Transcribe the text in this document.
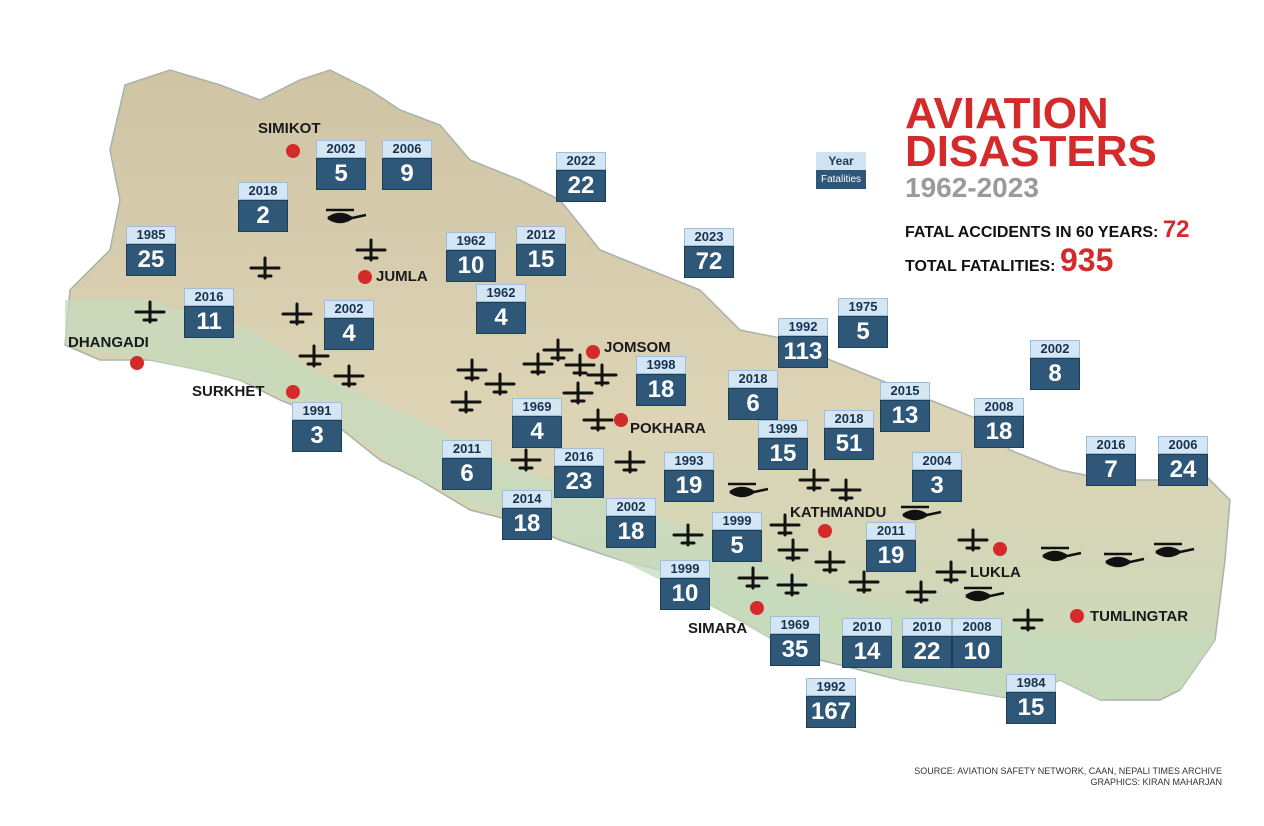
AVIATION
DISASTERS
1962-2023
FATAL ACCIDENTS IN 60 YEARS: 72
TOTAL FATALITIES: 935
Year
Fatalities
SIMIKOT
JUMLA
DHANGADI
SURKHET
JOMSOM
POKHARA
KATHMANDU
SIMARA
LUKLA
TUMLINGTAR
1985
25
2018
2
2002
5
2006
9
2016
11	2002
4
1991
3
1962
10
2012
15
2022
22
1962
4
2023
72
1998
18
1969
4
2011
6
2016
23
2014
18
2002
18
1993
19
2018
6
1992
113
1975
5
1999
15
2018
51
2015
13	2008
18
2002
8
2004
3
2016
7
2006
24
1999
5
2011
19
1999
10
1969
35
2010
14
2010
22
2008
10
1992
167
1984
15
SOURCE: AVIATION SAFETY NETWORK, CAAN, NEPALI TIMES ARCHIVE
GRAPHICS: KIRAN MAHARJAN
